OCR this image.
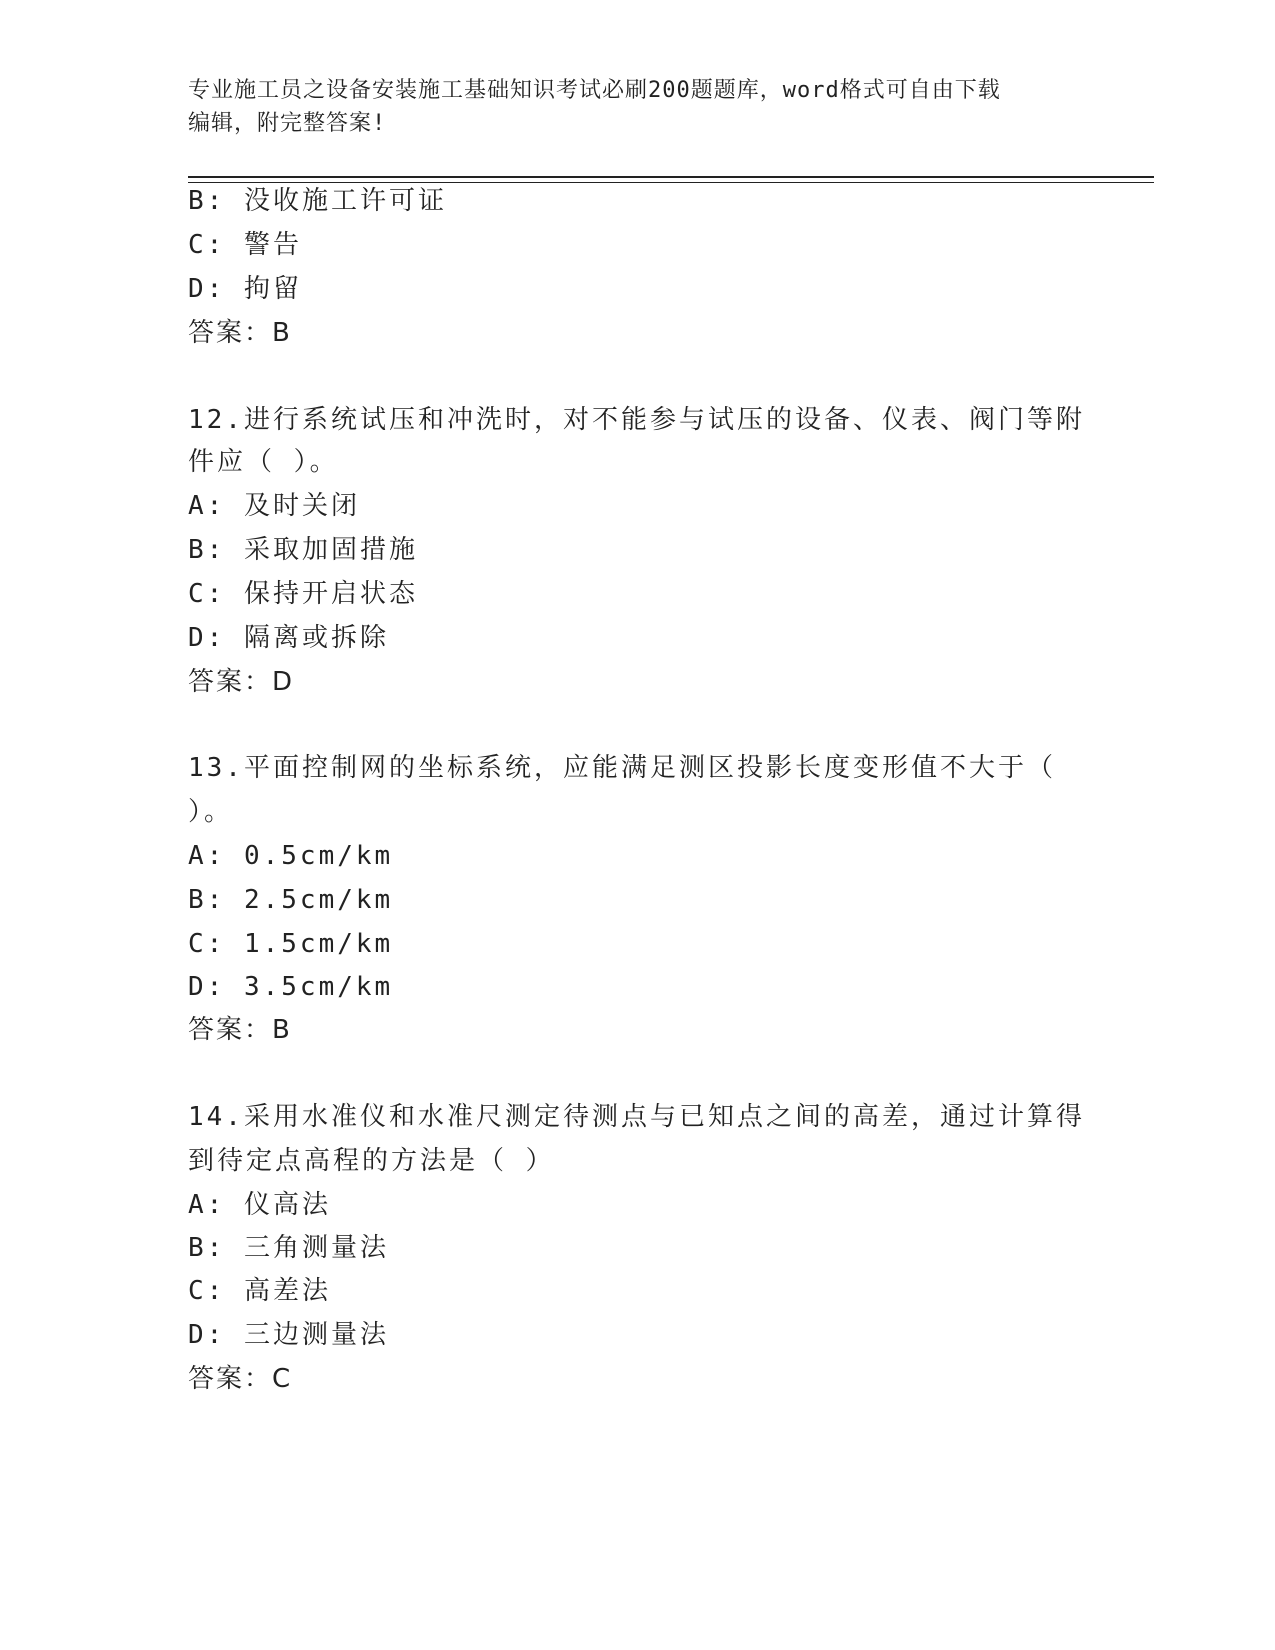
专业施工员之设备安装施工基础知识考试必刷200题题库，word格式可自由下载
编辑，附完整答案!
B: 没收施工许可证
C: 警告
D: 拘留
答案：B
12.进行系统试压和冲洗时，对不能参与试压的设备、仪表、阀门等附
件应（ ）。
A: 及时关闭
B: 采取加固措施
C: 保持开启状态
D: 隔离或拆除
答案：D
13.平面控制网的坐标系统，应能满足测区投影长度变形值不大于（
）。
A: 0.5cm/km
B: 2.5cm/km
C: 1.5cm/km
D: 3.5cm/km
答案：B
14.采用水准仪和水准尺测定待测点与已知点之间的高差，通过计算得
到待定点高程的方法是（ ）
A: 仪高法
B: 三角测量法
C: 高差法
D: 三边测量法
答案：C
